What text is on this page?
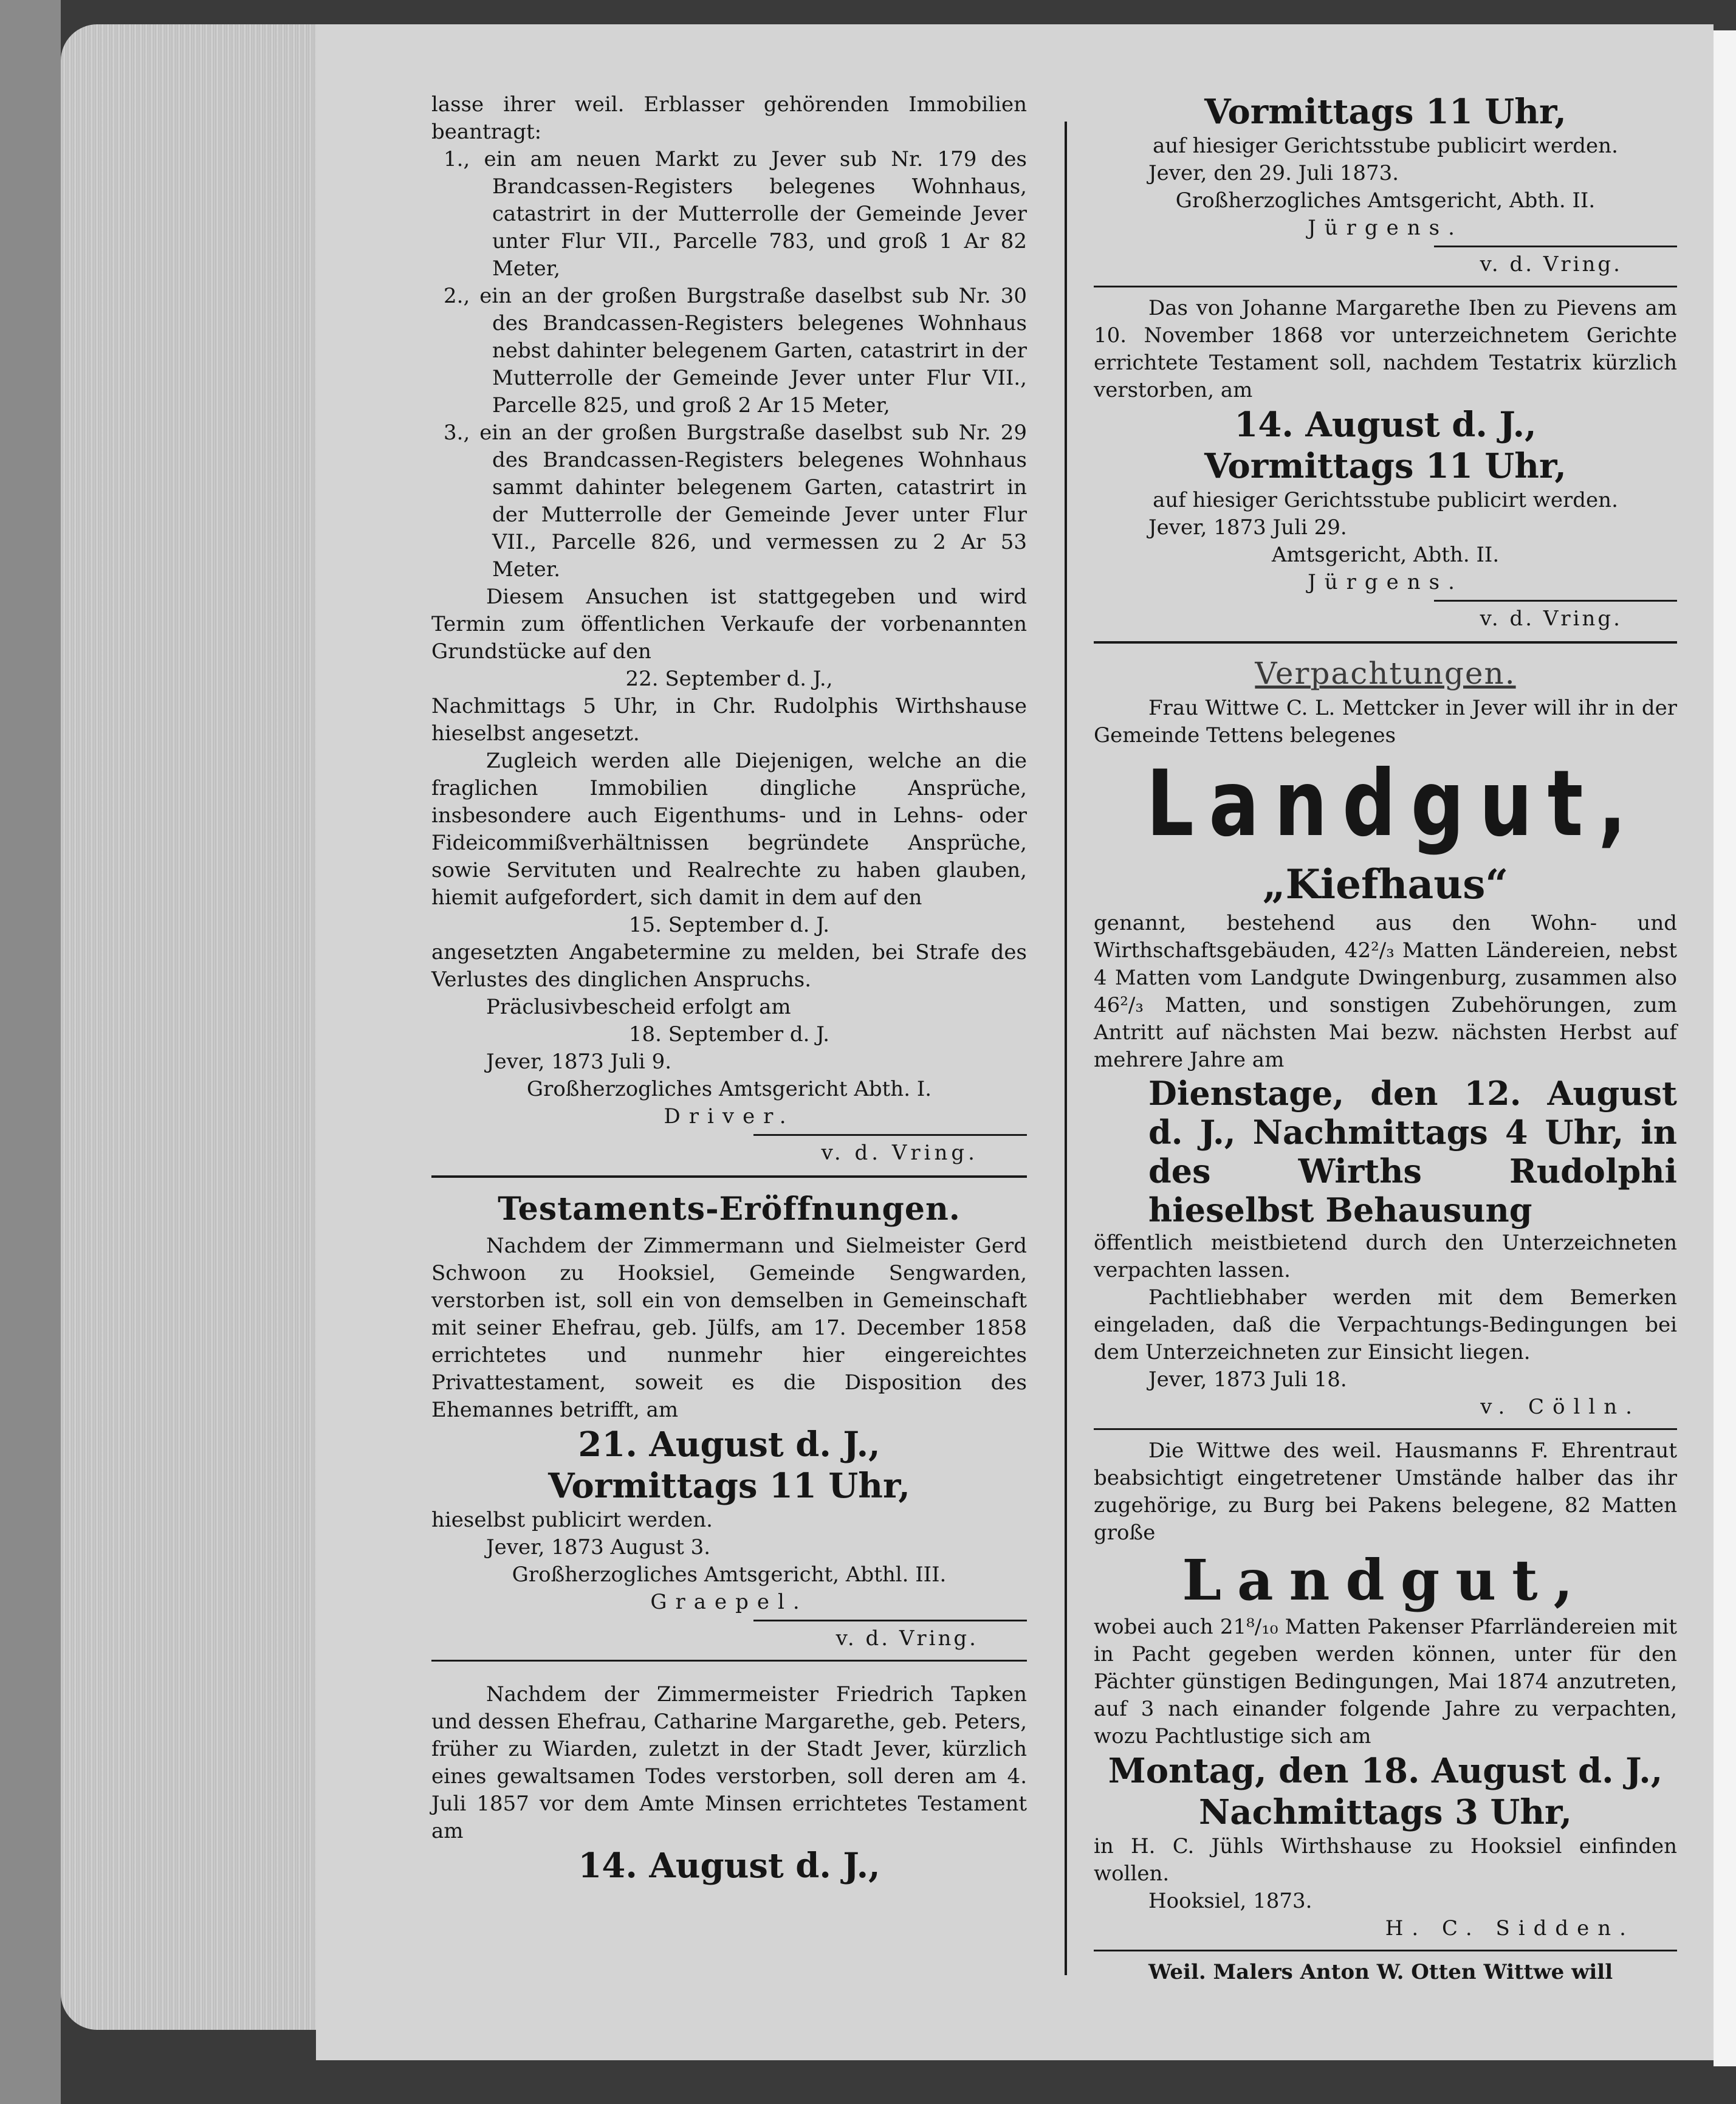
lasse ihrer weil. Erblasser gehörenden Immobilien beantragt:

1., ein am neuen Markt zu Jever sub Nr. 179 des Brandcassen-Registers belegenes Wohnhaus, catastrirt in der Mutterrolle der Gemeinde Jever unter Flur VII., Parcelle 783, und groß 1 Ar 82 Meter,

2., ein an der großen Burgstraße daselbst sub Nr. 30 des Brandcassen-Registers belegenes Wohnhaus nebst dahinter belegenem Garten, catastrirt in der Mutterrolle der Gemeinde Jever unter Flur VII., Parcelle 825, und groß 2 Ar 15 Meter,

3., ein an der großen Burgstraße daselbst sub Nr. 29 des Brandcassen-Registers belegenes Wohnhaus sammt dahinter belegenem Garten, catastrirt in der Mutterrolle der Gemeinde Jever unter Flur VII., Parcelle 826, und vermessen zu 2 Ar 53 Meter.

Diesem Ansuchen ist stattgegeben und wird Termin zum öffentlichen Verkaufe der vorbenannten Grundstücke auf den

22. September d. J.,

Nachmittags 5 Uhr, in Chr. Rudolphis Wirthshause hieselbst angesetzt.

Zugleich werden alle Diejenigen, welche an die fraglichen Immobilien dingliche Ansprüche, insbesondere auch Eigenthums- und in Lehns- oder Fideicommißverhältnissen begründete Ansprüche, sowie Servituten und Realrechte zu haben glauben, hiemit aufgefordert, sich damit in dem auf den

15. September d. J.

angesetzten Angabetermine zu melden, bei Strafe des Verlustes des dinglichen Anspruchs.

Präclusivbescheid erfolgt am

18. September d. J.

Jever, 1873 Juli 9.

Großherzogliches Amtsgericht Abth. I.

Driver.

v. d. Vring.

Testaments-Eröffnungen.

Nachdem der Zimmermann und Sielmeister Gerd Schwoon zu Hooksiel, Gemeinde Sengwarden, verstorben ist, soll ein von demselben in Gemeinschaft mit seiner Ehefrau, geb. Jülfs, am 17. December 1858 errichtetes und nunmehr hier eingereichtes Privattestament, soweit es die Disposition des Ehemannes betrifft, am

21. August d. J.,

Vormittags 11 Uhr,

hieselbst publicirt werden.

Jever, 1873 August 3.

Großherzogliches Amtsgericht, Abthl. III.

Graepel.

v. d. Vring.

Nachdem der Zimmermeister Friedrich Tapken und dessen Ehefrau, Catharine Margarethe, geb. Peters, früher zu Wiarden, zuletzt in der Stadt Jever, kürzlich eines gewaltsamen Todes verstorben, soll deren am 4. Juli 1857 vor dem Amte Minsen errichtetes Testament am

14. August d. J.,

Vormittags 11 Uhr,

auf hiesiger Gerichtsstube publicirt werden.

Jever, den 29. Juli 1873.

Großherzogliches Amtsgericht, Abth. II.

Jürgens.

v. d. Vring.

Das von Johanne Margarethe Iben zu Pievens am 10. November 1868 vor unterzeichnetem Gerichte errichtete Testament soll, nachdem Testatrix kürzlich verstorben, am

14. August d. J.,

Vormittags 11 Uhr,

auf hiesiger Gerichtsstube publicirt werden.

Jever, 1873 Juli 29.

Amtsgericht, Abth. II.

Jürgens.

v. d. Vring.

Verpachtungen.

Frau Wittwe C. L. Mettcker in Jever will ihr in der Gemeinde Tettens belegenes

Landgut,

„Kiefhaus“

genannt, bestehend aus den Wohn- und Wirthschaftsgebäuden, 42²/₃ Matten Ländereien, nebst 4 Matten vom Landgute Dwingenburg, zusammen also 46²/₃ Matten, und sonstigen Zubehörungen, zum Antritt auf nächsten Mai bezw. nächsten Herbst auf mehrere Jahre am

Dienstage, den 12. August d. J., Nachmittags 4 Uhr, in des Wirths Rudolphi hieselbst Behausung

öffentlich meistbietend durch den Unterzeichneten verpachten lassen.

Pachtliebhaber werden mit dem Bemerken eingeladen, daß die Verpachtungs-Bedingungen bei dem Unterzeichneten zur Einsicht liegen.

Jever, 1873 Juli 18.

v. Cölln.

Die Wittwe des weil. Hausmanns F. Ehrentraut beabsichtigt eingetretener Umstände halber das ihr zugehörige, zu Burg bei Pakens belegene, 82 Matten große

Landgut,

wobei auch 21⁸/₁₀ Matten Pakenser Pfarrländereien mit in Pacht gegeben werden können, unter für den Pächter günstigen Bedingungen, Mai 1874 anzutreten, auf 3 nach einander folgende Jahre zu verpachten, wozu Pachtlustige sich am

Montag, den 18. August d. J.,

Nachmittags 3 Uhr,

in H. C. Jühls Wirthshause zu Hooksiel einfinden wollen.

Hooksiel, 1873.

H. C. Sidden.

Weil. Malers Anton W. Otten Wittwe will
